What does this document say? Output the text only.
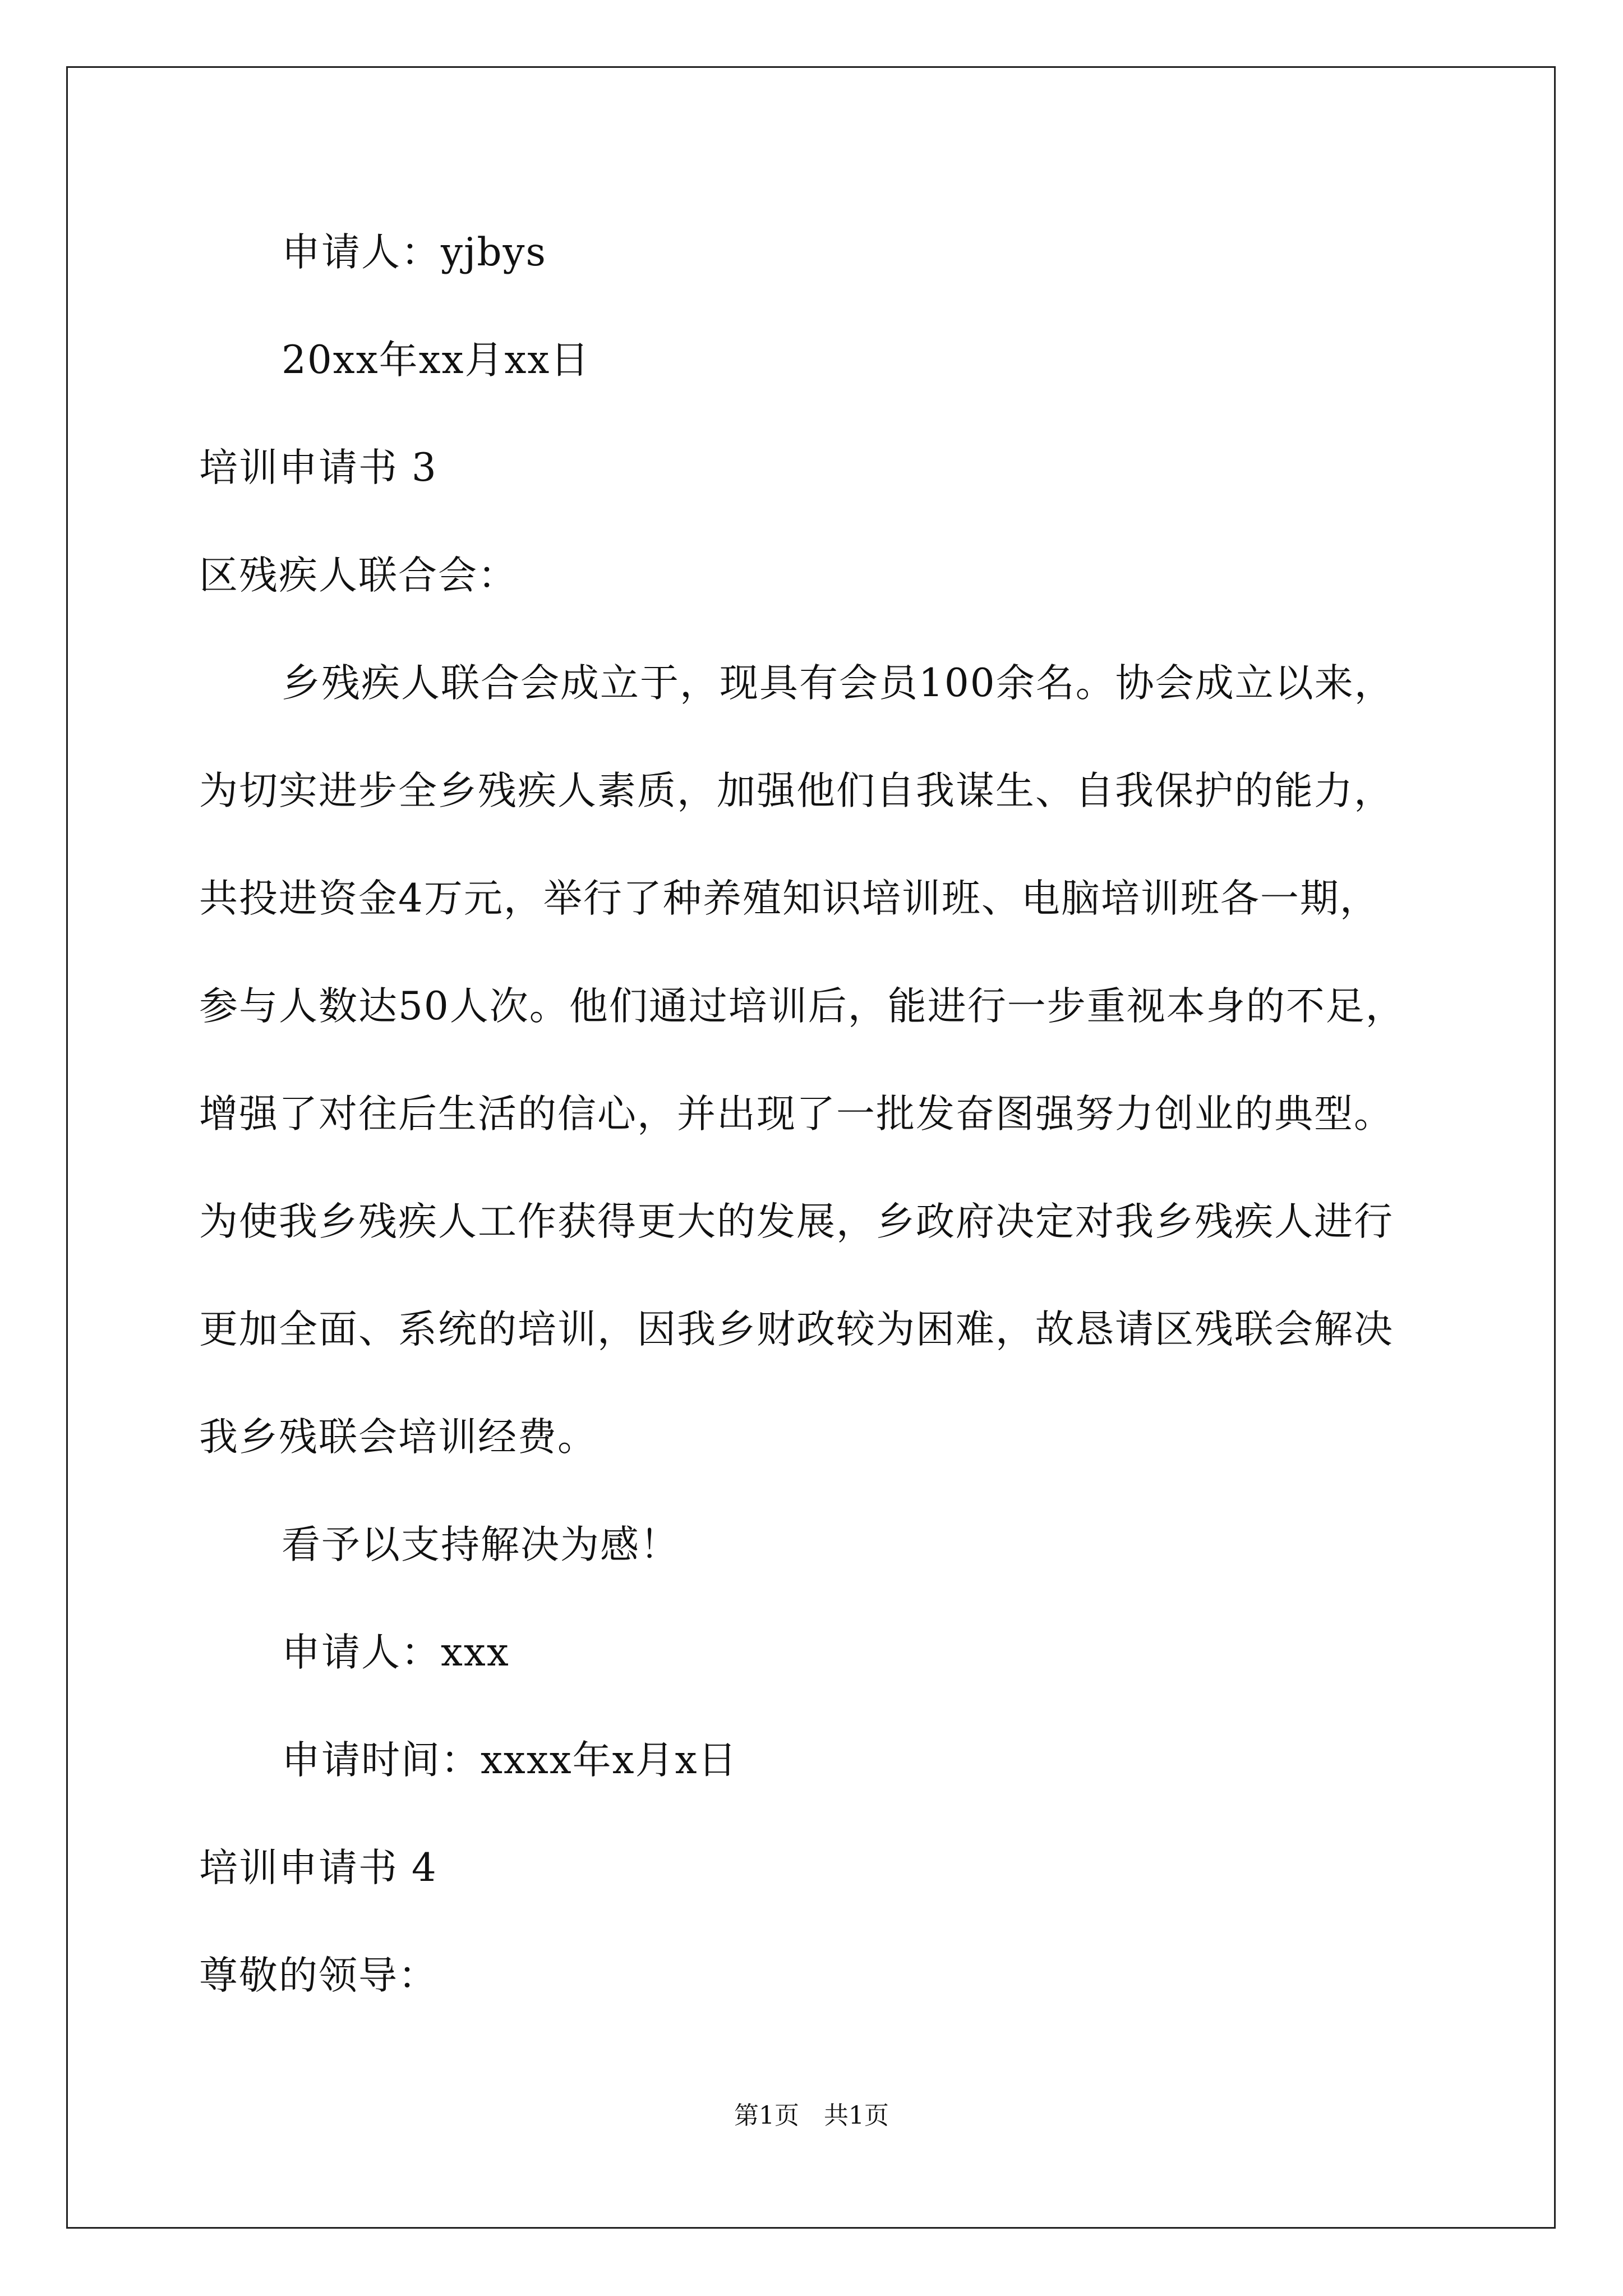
申请人：yjbys
20xx年xx月xx日
培训申请书 3
区残疾人联合会：
乡残疾人联合会成立于，现具有会员100余名。协会成立以来，
为切实进步全乡残疾人素质，加强他们自我谋生、自我保护的能力，
共投进资金4万元，举行了种养殖知识培训班、电脑培训班各一期，
参与人数达50人次。他们通过培训后，能进行一步重视本身的不足，
增强了对往后生活的信心，并出现了一批发奋图强努力创业的典型。
为使我乡残疾人工作获得更大的发展，乡政府决定对我乡残疾人进行
更加全面、系统的培训，因我乡财政较为困难，故恳请区残联会解决
我乡残联会培训经费。
看予以支持解决为感！
申请人：xxx
申请时间：xxxx年x月x日
培训申请书 4
尊敬的领导：
第1页　共1页
